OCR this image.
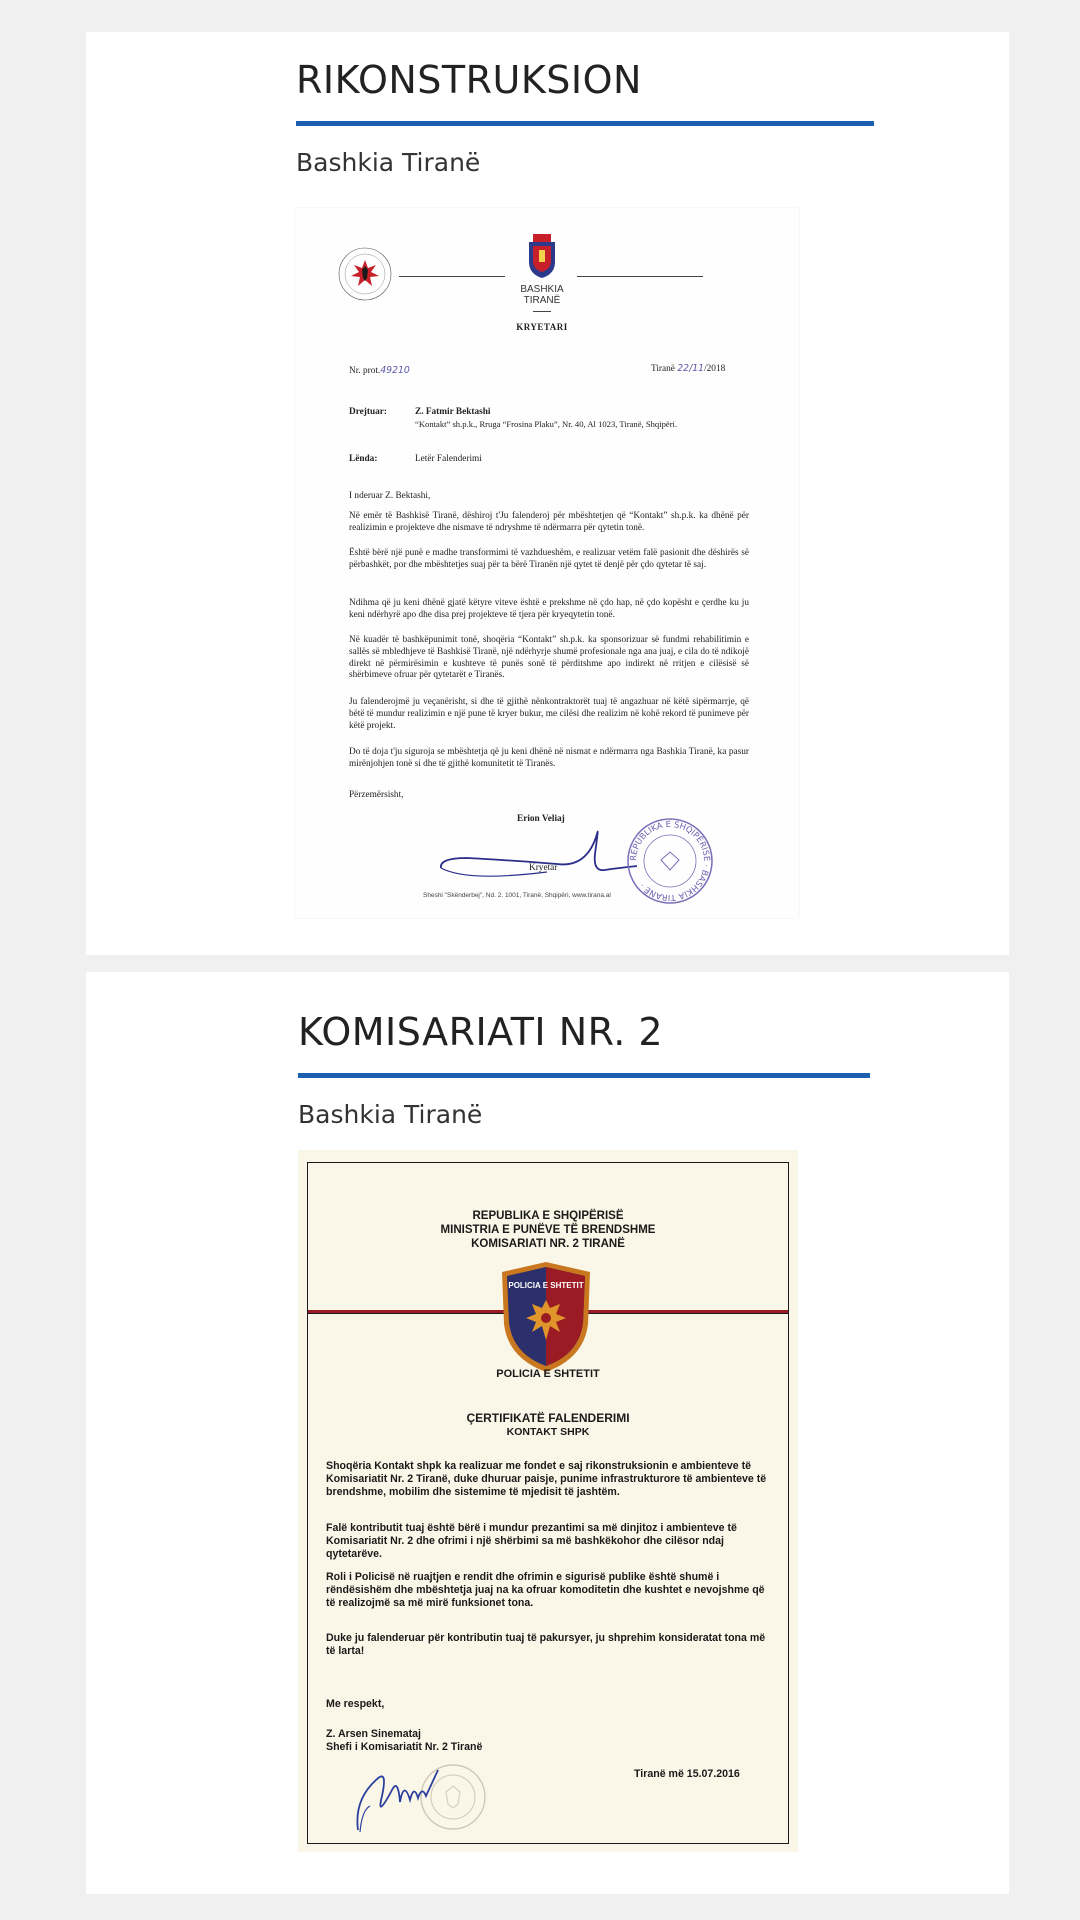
RIKONSTRUKSION
Bashkia Tiranë
BASHKIA
TIRANË
KRYETARI
Nr. prot.49210	Tiranë 22/11/2018
Drejtuar:	Z. Fatmir Bektashi
“Kontakt” sh.p.k., Rruga “Frosina Plaku”, Nr. 40, Al 1023, Tiranë, Shqipëri.
Lënda:	Letër Falenderimi
I nderuar Z. Bektashi,

Në emër të Bashkisë Tiranë, dëshiroj t'Ju falenderoj për mbështetjen që “Kontakt” sh.p.k. ka dhënë për realizimin e projekteve dhe nismave të ndryshme të ndërmarra për qytetin tonë.

Është bërë një punë e madhe transformimi të vazhdueshëm, e realizuar vetëm falë pasionit dhe dëshirës së përbashkët, por dhe mbështetjes suaj për ta bërë Tiranën një qytet të denjë për çdo qytetar të saj.

Ndihma që ju keni dhënë gjatë këtyre viteve është e prekshme në çdo hap, në çdo kopësht e çerdhe ku ju keni ndërhyrë apo dhe disa prej projekteve të tjera për kryeqytetin tonë.

Në kuadër të bashkëpunimit tonë, shoqëria “Kontakt” sh.p.k. ka sponsorizuar së fundmi rehabilitimin e sallës së mbledhjeve të Bashkisë Tiranë, një ndërhyrje shumë profesionale nga ana juaj, e cila do të ndikojë direkt në përmirësimin e kushteve të punës sonë të përditshme apo indirekt në rritjen e cilësisë së shërbimeve ofruar për qytetarët e Tiranës.

Ju falenderojmë ju veçanërisht, si dhe të gjithë nënkontraktorët tuaj të angazhuar në këtë sipërmarrje, që bëtë të mundur realizimin e një pune të kryer bukur, me cilësi dhe realizim në kohë rekord të punimeve për këtë projekt.

Do të doja t'ju siguroja se mbështetja që ju keni dhënë në nismat e ndërmarra nga Bashkia Tiranë, ka pasur mirënjohjen tonë si dhe të gjithë komunitetit të Tiranës.

Përzemërsisht,
Erion Veliaj
Kryetar
REPUBLIKA E SHQIPËRISË · BASHKIA TIRANË ·
Sheshi "Skënderbej", Nd. 2. 1001, Tiranë, Shqipëri, www.tirana.al
KOMISARIATI NR. 2
Bashkia Tiranë
REPUBLIKA E SHQIPËRISË
MINISTRIA E PUNËVE TË BRENDSHME
KOMISARIATI NR. 2 TIRANË
POLICIA E SHTETIT
POLICIA E SHTETIT
ÇERTIFIKATË FALENDERIMI
KONTAKT SHPK

Shoqëria Kontakt shpk ka realizuar me fondet e saj rikonstruksionin e ambienteve të Komisariatit Nr. 2 Tiranë, duke dhuruar paisje, punime infrastrukturore të ambienteve të brendshme, mobilim dhe sistemime të mjedisit të jashtëm.

Falë kontributit tuaj është bërë i mundur prezantimi sa më dinjitoz i ambienteve të Komisariatit Nr. 2 dhe ofrimi i një shërbimi sa më bashkëkohor dhe cilësor ndaj qytetarëve.

Roli i Policisë në ruajtjen e rendit dhe ofrimin e sigurisë publike është shumë i rëndësishëm dhe mbështetja juaj na ka ofruar komoditetin dhe kushtet e nevojshme që të realizojmë sa më mirë funksionet tona.

Duke ju falenderuar për kontributin tuaj të pakursyer, ju shprehim konsideratat tona më të larta!

Me respekt,
Z. Arsen Sinemataj
Shefi i Komisariatit Nr. 2 Tiranë
Tiranë më 15.07.2016
